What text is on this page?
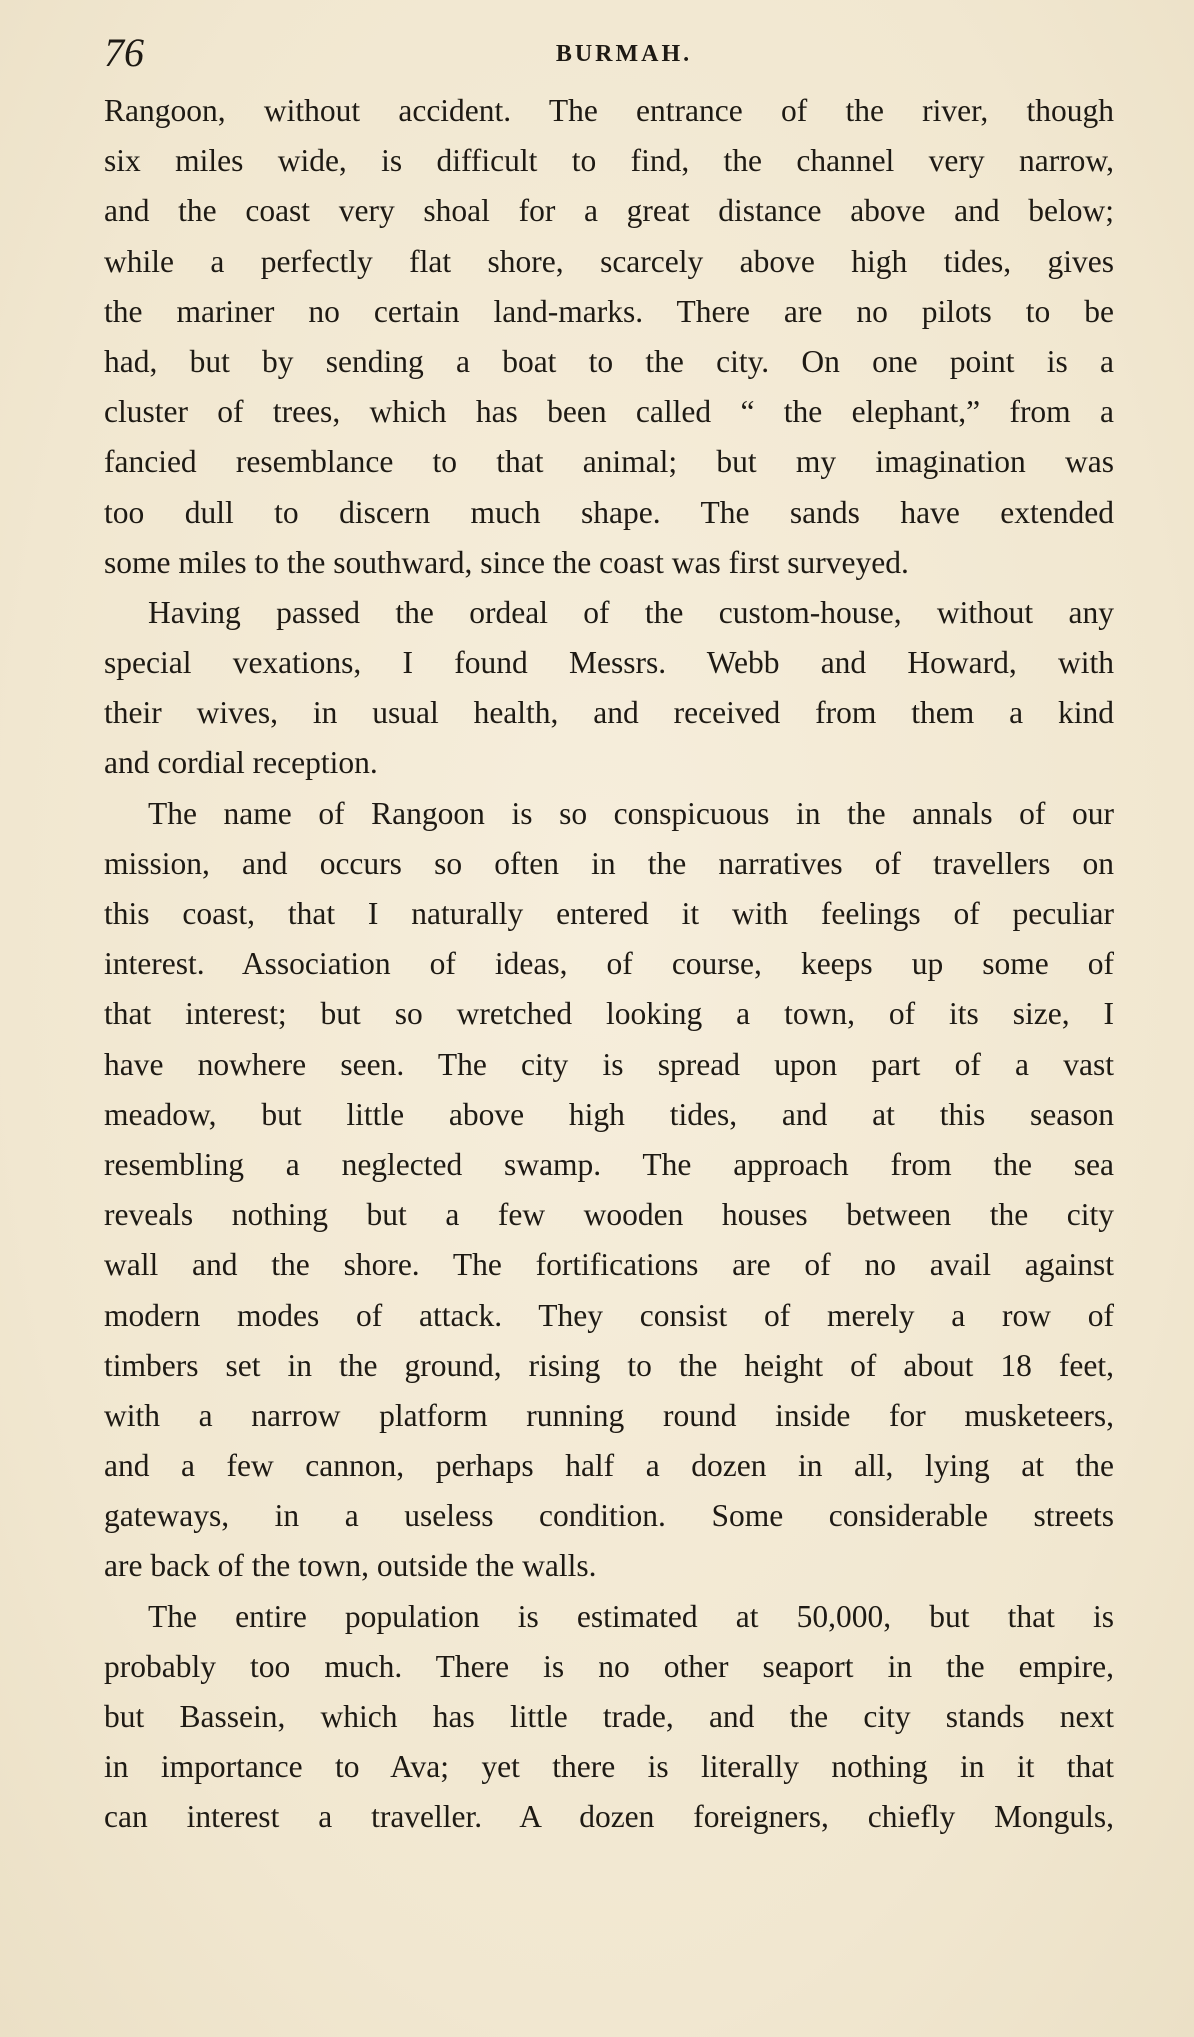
76	BURMAH.
Rangoon, without accident. The entrance of the river, though
six miles wide, is difficult to find, the channel very narrow,
and the coast very shoal for a great distance above and below;
while a perfectly flat shore, scarcely above high tides, gives
the mariner no certain land-marks. There are no pilots to be
had, but by sending a boat to the city. On one point is a
cluster of trees, which has been called “ the elephant,” from a
fancied resemblance to that animal; but my imagination was
too dull to discern much shape. The sands have extended
some miles to the southward, since the coast was first surveyed.
Having passed the ordeal of the custom-house, without any
special vexations, I found Messrs. Webb and Howard, with
their wives, in usual health, and received from them a kind
and cordial reception.
The name of Rangoon is so conspicuous in the annals of our
mission, and occurs so often in the narratives of travellers on
this coast, that I naturally entered it with feelings of peculiar
interest. Association of ideas, of course, keeps up some of
that interest; but so wretched looking a town, of its size, I
have nowhere seen. The city is spread upon part of a vast
meadow, but little above high tides, and at this season
resembling a neglected swamp. The approach from the sea
reveals nothing but a few wooden houses between the city
wall and the shore. The fortifications are of no avail against
modern modes of attack. They consist of merely a row of
timbers set in the ground, rising to the height of about 18 feet,
with a narrow platform running round inside for musketeers,
and a few cannon, perhaps half a dozen in all, lying at the
gateways, in a useless condition. Some considerable streets
are back of the town, outside the walls.
The entire population is estimated at 50,000, but that is
probably too much. There is no other seaport in the empire,
but Bassein, which has little trade, and the city stands next
in importance to Ava; yet there is literally nothing in it that
can interest a traveller. A dozen foreigners, chiefly Monguls,
